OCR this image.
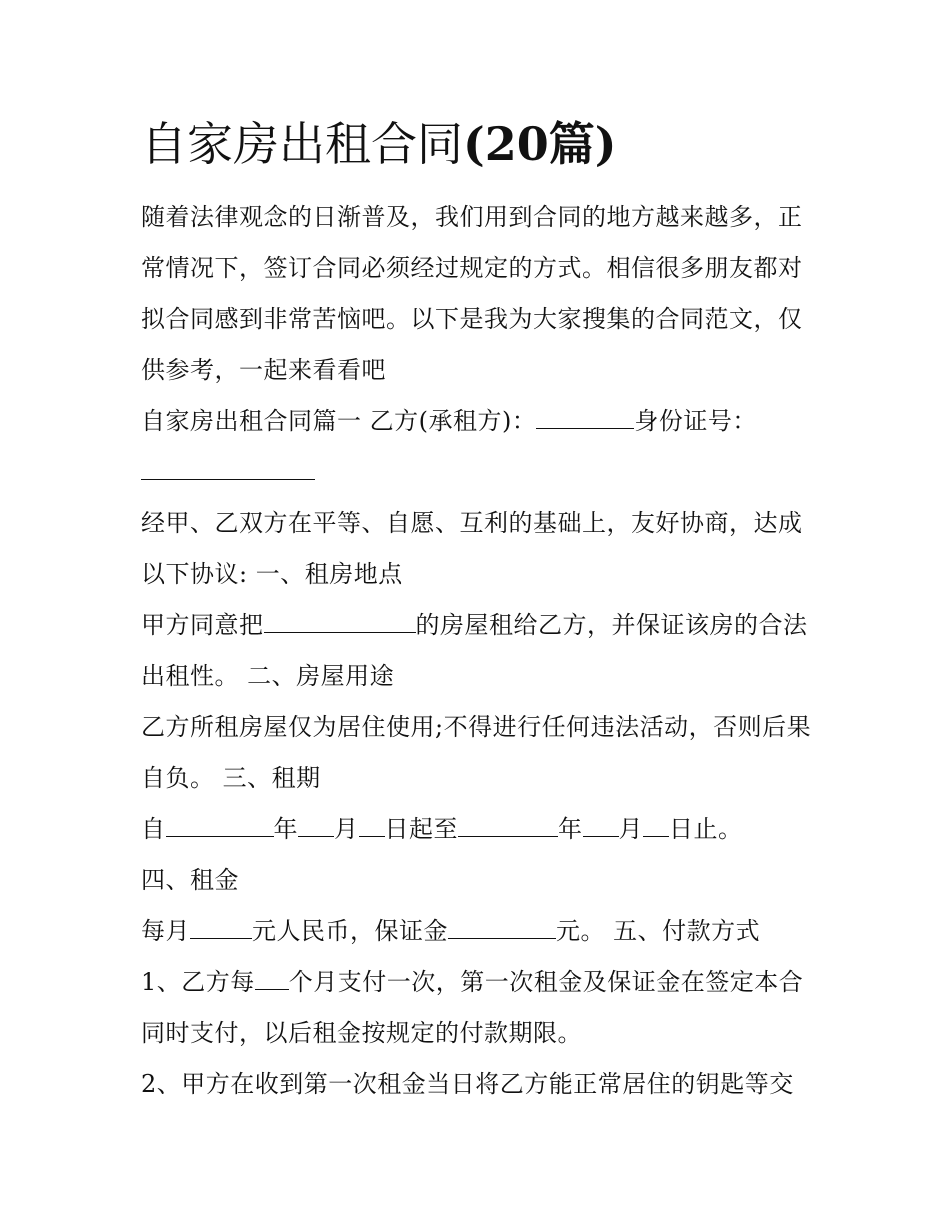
自家房出租合同(20篇)

随着法律观念的日渐普及，我们用到合同的地方越来越多，正常情况下，签订合同必须经过规定的方式。相信很多朋友都对拟合同感到非常苦恼吧。以下是我为大家搜集的合同范文，仅供参考，一起来看看吧

自家房出租合同篇一 乙方(承租方)：	身份证号：

经甲、乙双方在平等、自愿、互利的基础上，友好协商，达成以下协议: 一、租房地点

甲方同意把	的房屋租给乙方，并保证该房的合法出租性。 二、房屋用途

乙方所租房屋仅为居住使用;不得进行任何违法活动，否则后果自负。 三、租期

自	年 月 日起至	年 月 日止。

四、租金

每月	元人民币，保证金	元。 五、付款方式

1、乙方每 个月支付一次，第一次租金及保证金在签定本合同时支付，以后租金按规定的付款期限。

2、甲方在收到第一次租金当日将乙方能正常居住的钥匙等交
